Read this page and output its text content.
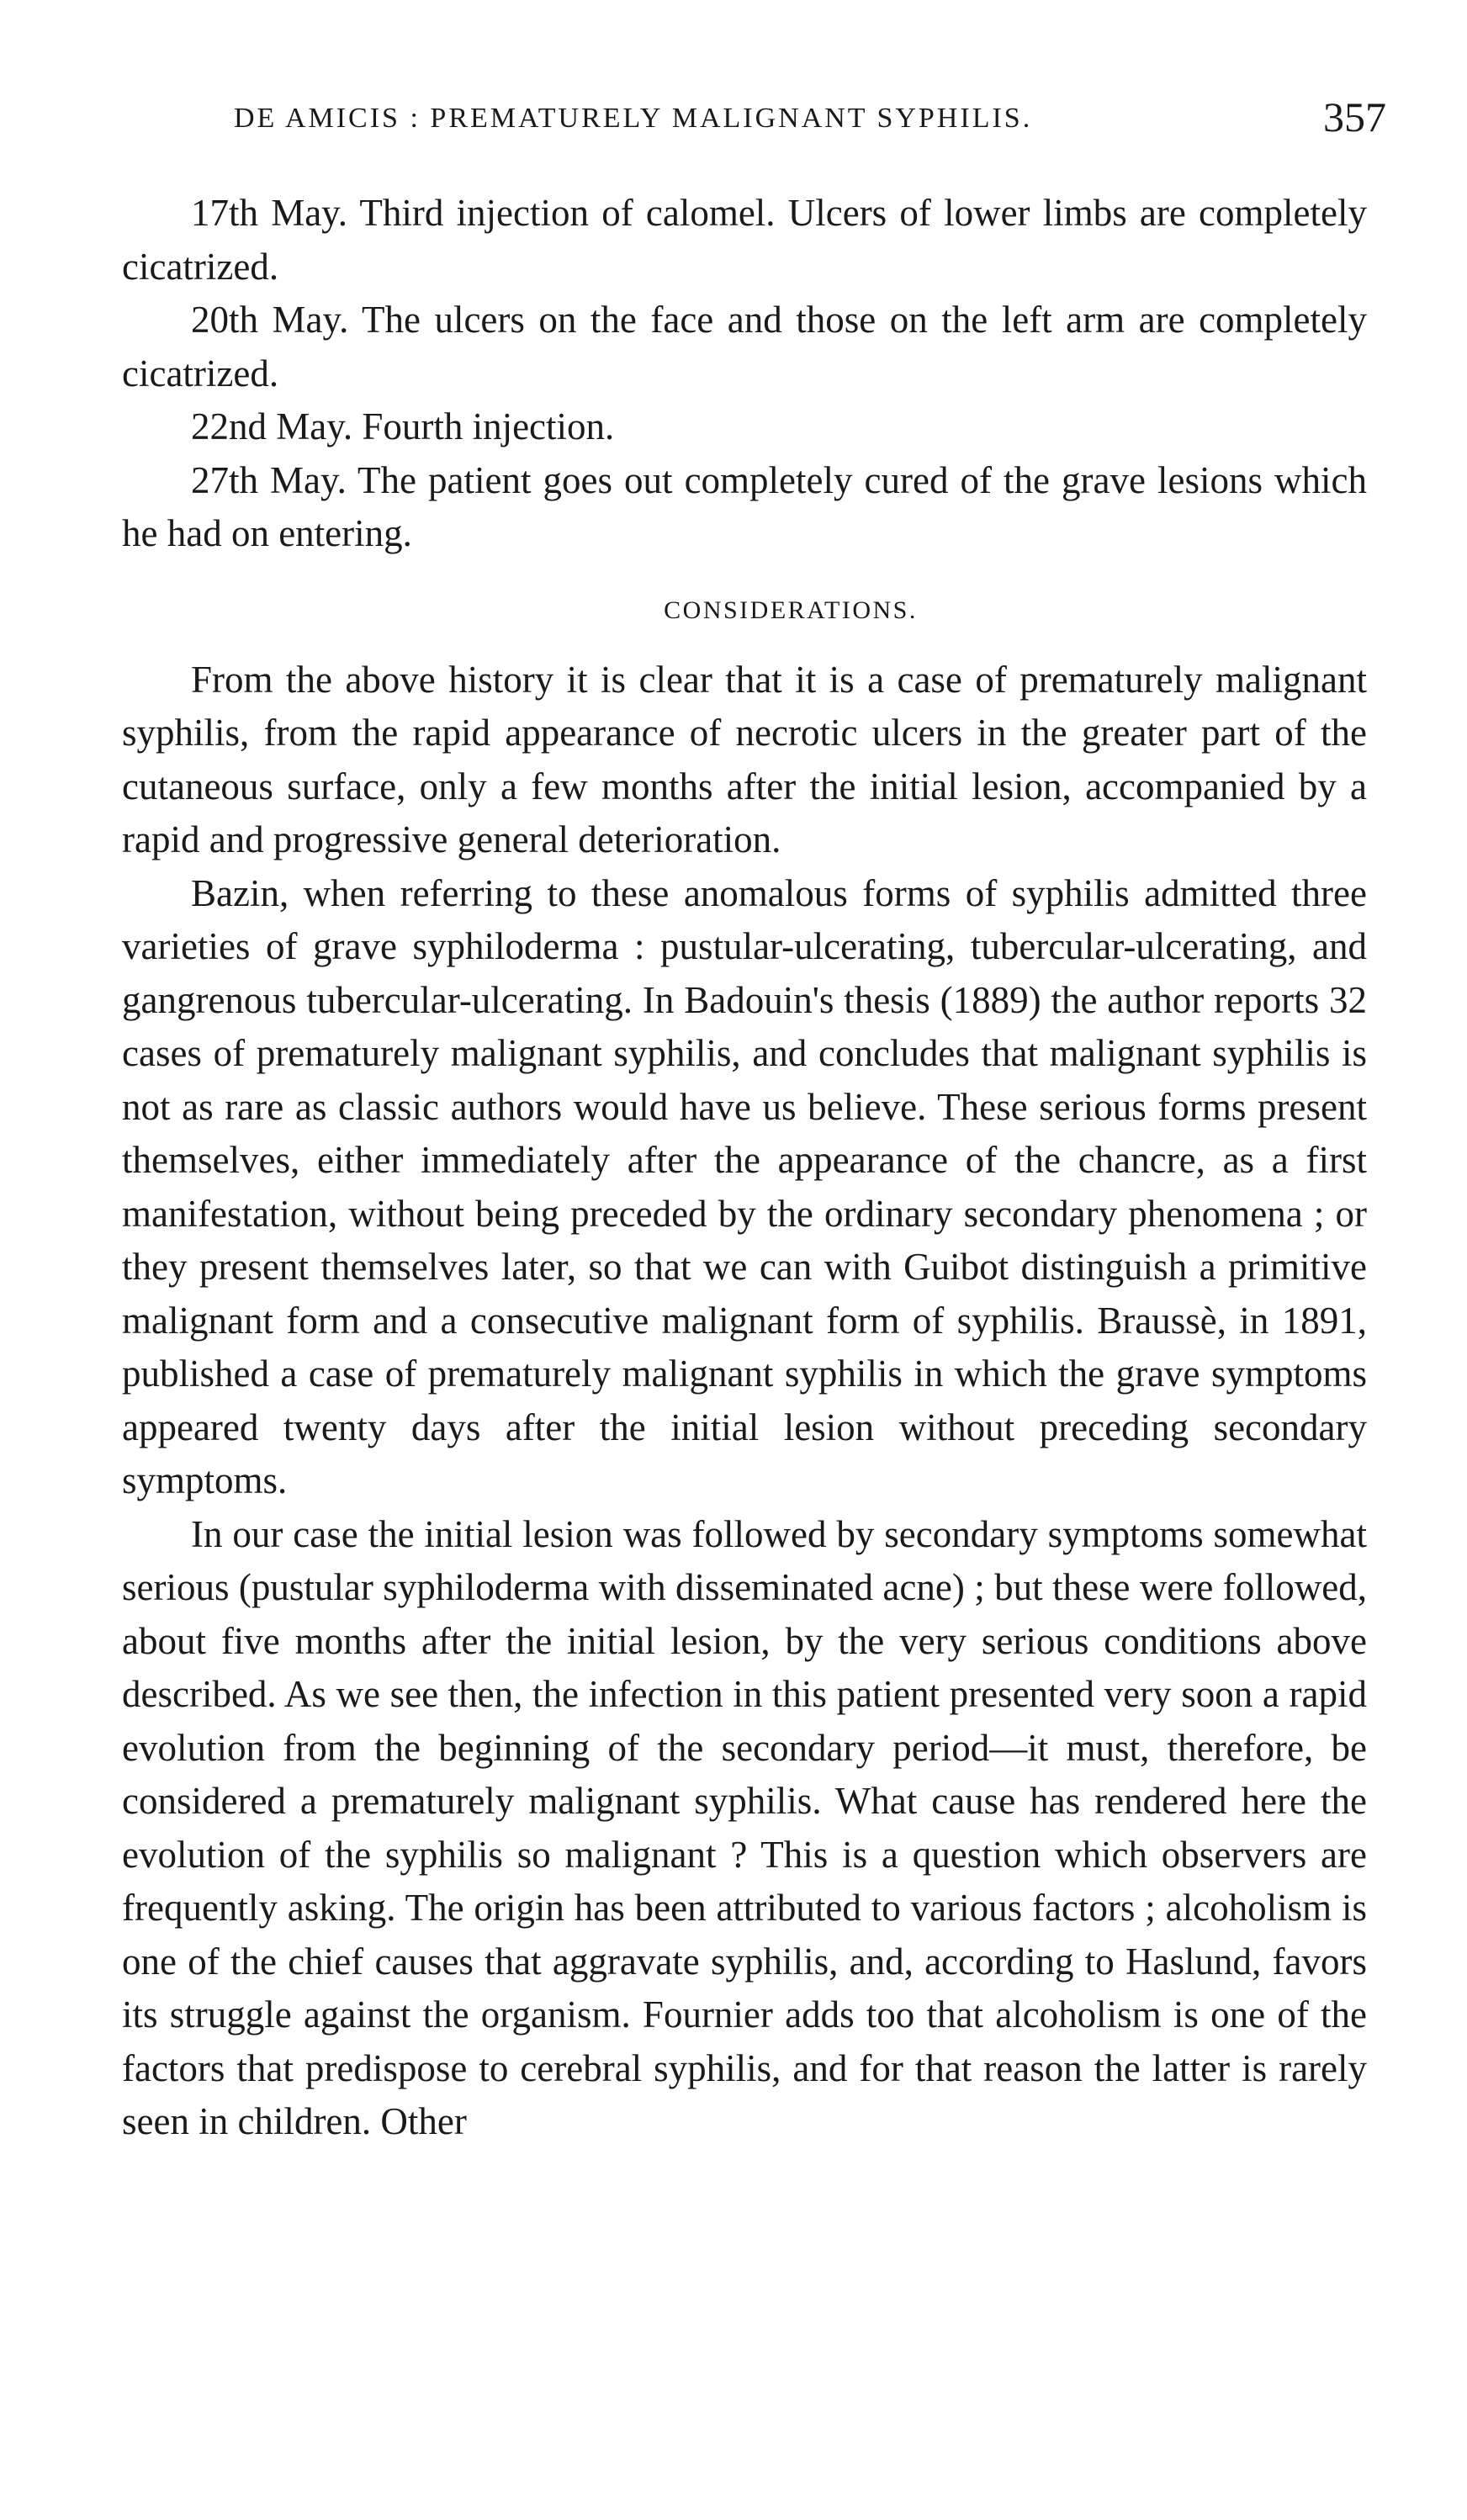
DE AMICIS : PREMATURELY MALIGNANT SYPHILIS.	357

17th May. Third injection of calomel. Ulcers of lower limbs are completely cicatrized.

20th May. The ulcers on the face and those on the left arm are completely cicatrized.

22nd May. Fourth injection.

27th May. The patient goes out completely cured of the grave lesions which he had on entering.

CONSIDERATIONS.

From the above history it is clear that it is a case of prematurely malignant syphilis, from the rapid appearance of necrotic ulcers in the greater part of the cutaneous surface, only a few months after the initial lesion, accompanied by a rapid and progressive general deterioration.

Bazin, when referring to these anomalous forms of syphilis admitted three varieties of grave syphiloderma : pustular-ulcerating, tubercular-ulcerating, and gangrenous tubercular-ulcerating. In Badouin's thesis (1889) the author reports 32 cases of prematurely malignant syphilis, and concludes that malignant syphilis is not as rare as classic authors would have us believe. These serious forms present themselves, either immediately after the appearance of the chancre, as a first manifestation, without being preceded by the ordinary secondary phenomena ; or they present themselves later, so that we can with Guibot distinguish a primitive malignant form and a consecutive malignant form of syphilis. Braussè, in 1891, published a case of prematurely malignant syphilis in which the grave symptoms appeared twenty days after the initial lesion without preceding secondary symptoms.

In our case the initial lesion was followed by secondary symptoms somewhat serious (pustular syphiloderma with disseminated acne) ; but these were followed, about five months after the initial lesion, by the very serious conditions above described. As we see then, the infection in this patient presented very soon a rapid evolution from the beginning of the secondary period—it must, therefore, be considered a prematurely malignant syphilis. What cause has rendered here the evolution of the syphilis so malignant ? This is a question which observers are frequently asking. The origin has been attributed to various factors ; alcoholism is one of the chief causes that aggravate syphilis, and, according to Haslund, favors its struggle against the organism. Fournier adds too that alcoholism is one of the factors that predispose to cerebral syphilis, and for that reason the latter is rarely seen in children. Other
